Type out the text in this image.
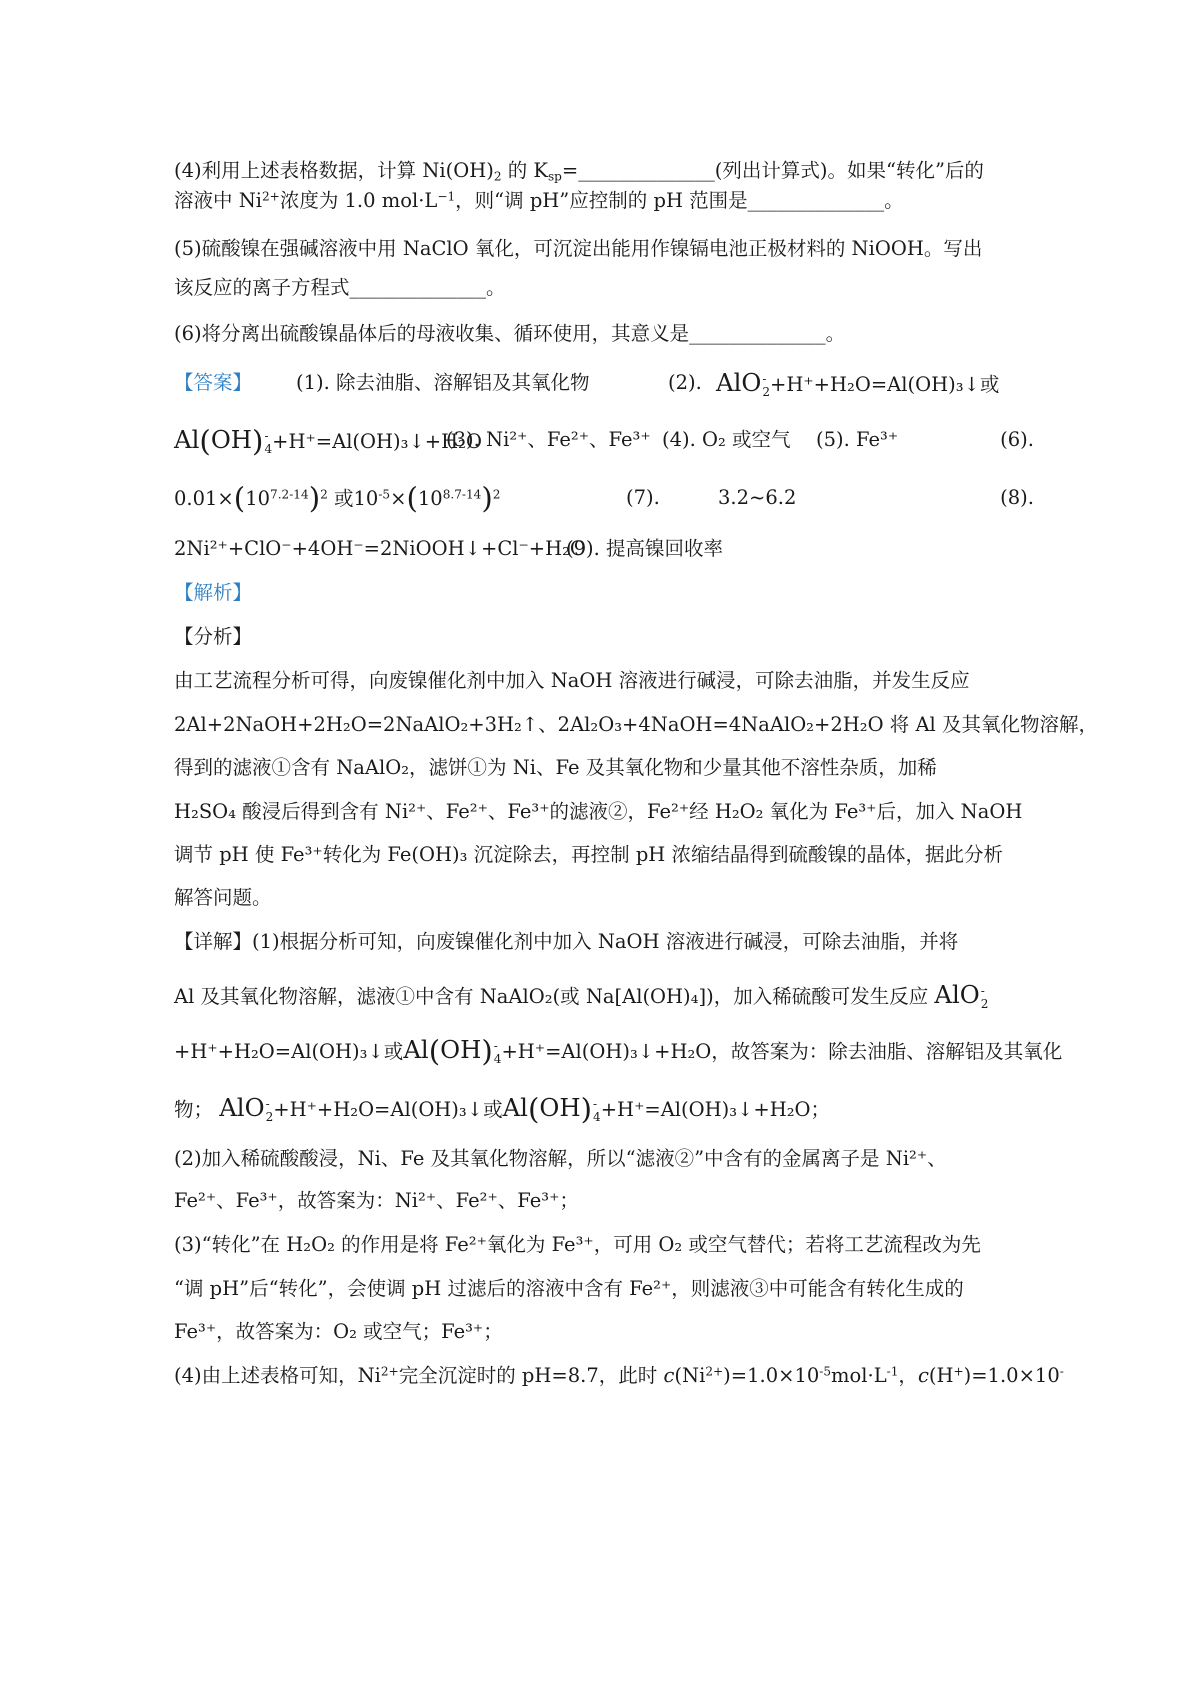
(4)利用上述表格数据，计算 $Ni(OH)_2$ 的 $K_{sp}=\_\_\_\_\_\_\_\_\_\_\_\_\_\_$(列出计算式)。如果“转化”后的
溶液中 $Ni^{2+}$浓度为 1.0 $mol\cdot L^{-1}$，则“调 pH”应控制的 pH 范围是______________。
(5)硫酸镍在强碱溶液中用 NaClO 氧化，可沉淀出能用作镍镉电池正极材料的 NiOOH。写出
该反应的离子方程式______________。
(6)将分离出硫酸镍晶体后的母液收集、循环使用，其意义是______________。
【答案】 (1). 除去油脂、溶解铝及其氧化物	(2). AlO -
2 +H⁺+H₂O=Al(OH)₃↓或
Al(OH) -
4 +H⁺=Al(OH)₃↓+H₂O
(3). Ni²⁺、Fe²⁺、Fe³⁺ (4). O₂ 或空气 (5). Fe³⁺	(6).
$0.01\times(10^{7.2-14})^2$ 或$10^{-5}\times(10^{8.7-14})^2$	(7).	3.2~6.2	(8).
2Ni²⁺+ClO⁻+4OH⁻=2NiOOH↓+Cl⁻+H₂O
(9). 提高镍回收率
【解析】
【分析】
由工艺流程分析可得，向废镍催化剂中加入 NaOH 溶液进行碱浸，可除去油脂，并发生反应
2Al+2NaOH+2H₂O=2NaAlO₂+3H₂↑、2Al₂O₃+4NaOH=4NaAlO₂+2H₂O 将 Al 及其氧化物溶解，
得到的滤液①含有 NaAlO₂，滤饼①为 Ni、Fe 及其氧化物和少量其他不溶性杂质，加稀
H₂SO₄ 酸浸后得到含有 Ni²⁺、Fe²⁺、Fe³⁺的滤液②，Fe²⁺经 H₂O₂ 氧化为 Fe³⁺后，加入 NaOH
调节 pH 使 Fe³⁺转化为 Fe(OH)₃ 沉淀除去，再控制 pH 浓缩结晶得到硫酸镍的晶体，据此分析
解答问题。
【详解】(1)根据分析可知，向废镍催化剂中加入 NaOH 溶液进行碱浸，可除去油脂，并将
Al 及其氧化物溶解，滤液①中含有 NaAlO₂(或 Na[Al(OH)₄])，加入稀硫酸可发生反应 AlO -
2
+H⁺+H₂O=Al(OH)₃↓或Al(OH) -
4 +H⁺=Al(OH)₃↓+H₂O，故答案为：除去油脂、溶解铝及其氧化
物； AlO -
2 +H⁺+H₂O=Al(OH)₃↓或Al(OH) -
4 +H⁺=Al(OH)₃↓+H₂O；
(2)加入稀硫酸酸浸，Ni、Fe 及其氧化物溶解，所以“滤液②”中含有的金属离子是 Ni²⁺、
Fe²⁺、Fe³⁺，故答案为：Ni²⁺、Fe²⁺、Fe³⁺；
(3)“转化”在 H₂O₂ 的作用是将 Fe²⁺氧化为 Fe³⁺，可用 O₂ 或空气替代；若将工艺流程改为先
“调 pH”后“转化”，会使调 pH 过滤后的溶液中含有 Fe²⁺，则滤液③中可能含有转化生成的
Fe³⁺，故答案为：O₂ 或空气；Fe³⁺；
(4)由上述表格可知，$Ni^{2+}$完全沉淀时的 pH=8.7，此时 $c(Ni^{2+})=1.0\times 10^{-5}mol\cdot L^{-1}$，c(H+)=1.0×10-
